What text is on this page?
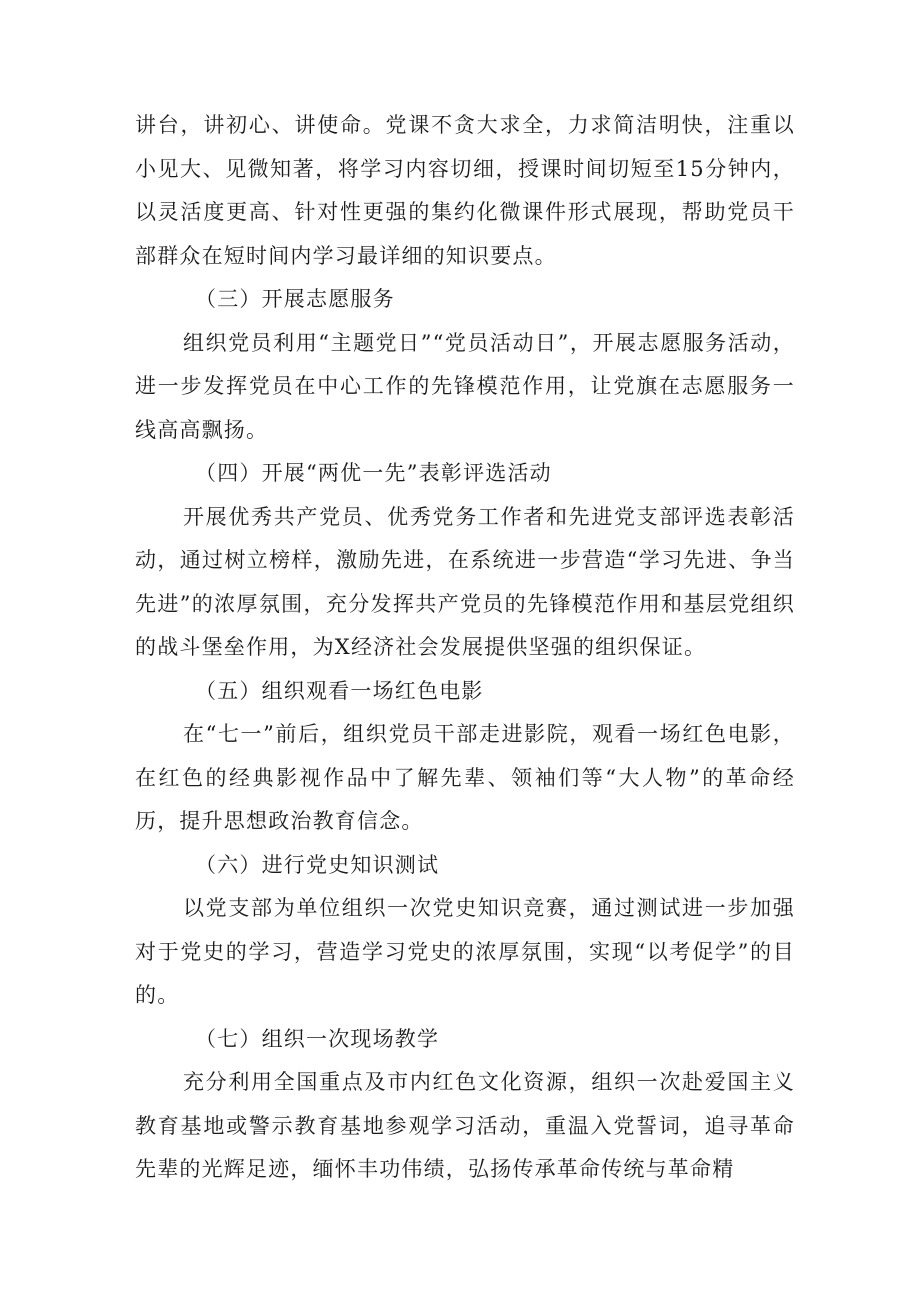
讲台，讲初心、讲使命。党课不贪大求全，力求简洁明快，注重以小见大、见微知著，将学习内容切细，授课时间切短至15分钟内，以灵活度更高、针对性更强的集约化微课件形式展现，帮助党员干部群众在短时间内学习最详细的知识要点。

（三）开展志愿服务

组织党员利用“主题党日”“党员活动日”，开展志愿服务活动，进一步发挥党员在中心工作的先锋模范作用，让党旗在志愿服务一线高高飘扬。

（四）开展“两优一先”表彰评选活动

开展优秀共产党员、优秀党务工作者和先进党支部评选表彰活动，通过树立榜样，激励先进，在系统进一步营造“学习先进、争当先进”的浓厚氛围，充分发挥共产党员的先锋模范作用和基层党组织的战斗堡垒作用，为X经济社会发展提供坚强的组织保证。

（五）组织观看一场红色电影

在“七一”前后，组织党员干部走进影院，观看一场红色电影，在红色的经典影视作品中了解先辈、领袖们等“大人物”的革命经历，提升思想政治教育信念。

（六）进行党史知识测试

以党支部为单位组织一次党史知识竞赛，通过测试进一步加强对于党史的学习，营造学习党史的浓厚氛围，实现“以考促学”的目的。

（七）组织一次现场教学

充分利用全国重点及市内红色文化资源，组织一次赴爱国主义教育基地或警示教育基地参观学习活动，重温入党誓词，追寻革命先辈的光辉足迹，缅怀丰功伟绩，弘扬传承革命传统与革命精
